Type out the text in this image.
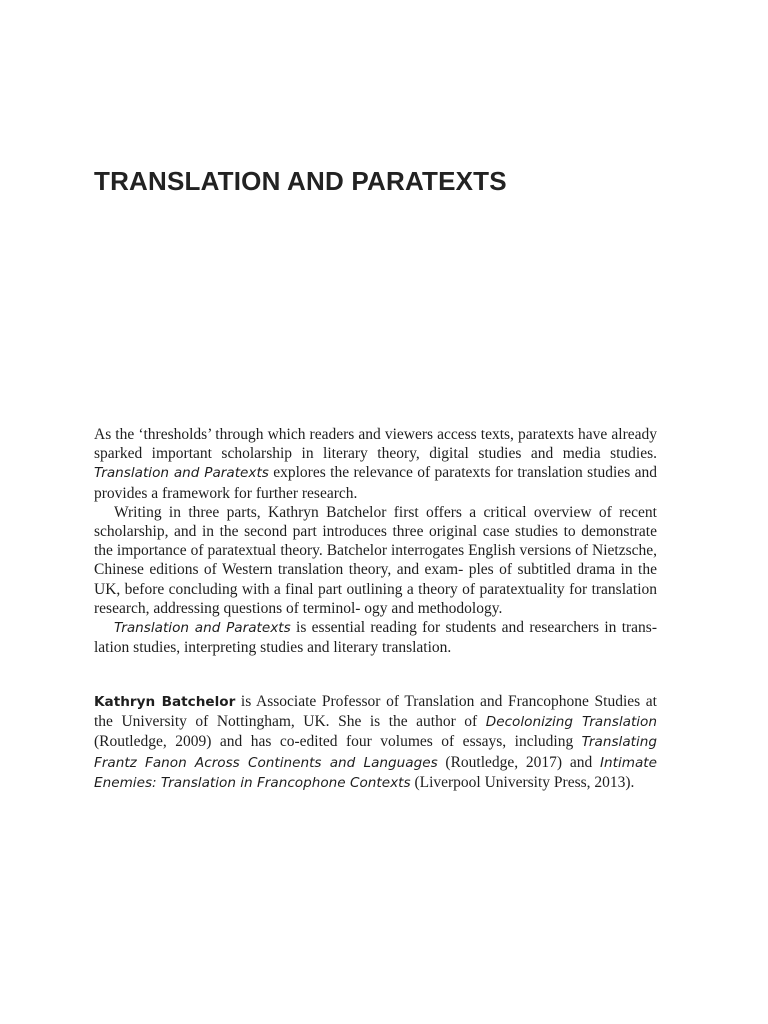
TRANSLATION AND PARATEXTS

As the ‘thresholds’ through which readers and viewers access texts, paratexts have already sparked important scholarship in literary theory, digital studies and media studies. Translation and Paratexts explores the relevance of paratexts for translation studies and provides a framework for further research.

Writing in three parts, Kathryn Batchelor first offers a critical overview of recent scholarship, and in the second part introduces three original case studies to demonstrate the importance of paratextual theory. Batchelor interrogates English versions of Nietzsche, Chinese editions of Western translation theory, and exam- ples of subtitled drama in the UK, before concluding with a final part outlining a theory of paratextuality for translation research, addressing questions of terminol- ogy and methodology.

Translation and Paratexts is essential reading for students and researchers in trans- lation studies, interpreting studies and literary translation.

Kathryn Batchelor is Associate Professor of Translation and Francophone Studies at the University of Nottingham, UK. She is the author of Decolonizing Translation (Routledge, 2009) and has co-edited four volumes of essays, including Translating Frantz Fanon Across Continents and Languages (Routledge, 2017) and Intimate Enemies: Translation in Francophone Contexts (Liverpool University Press, 2013).
